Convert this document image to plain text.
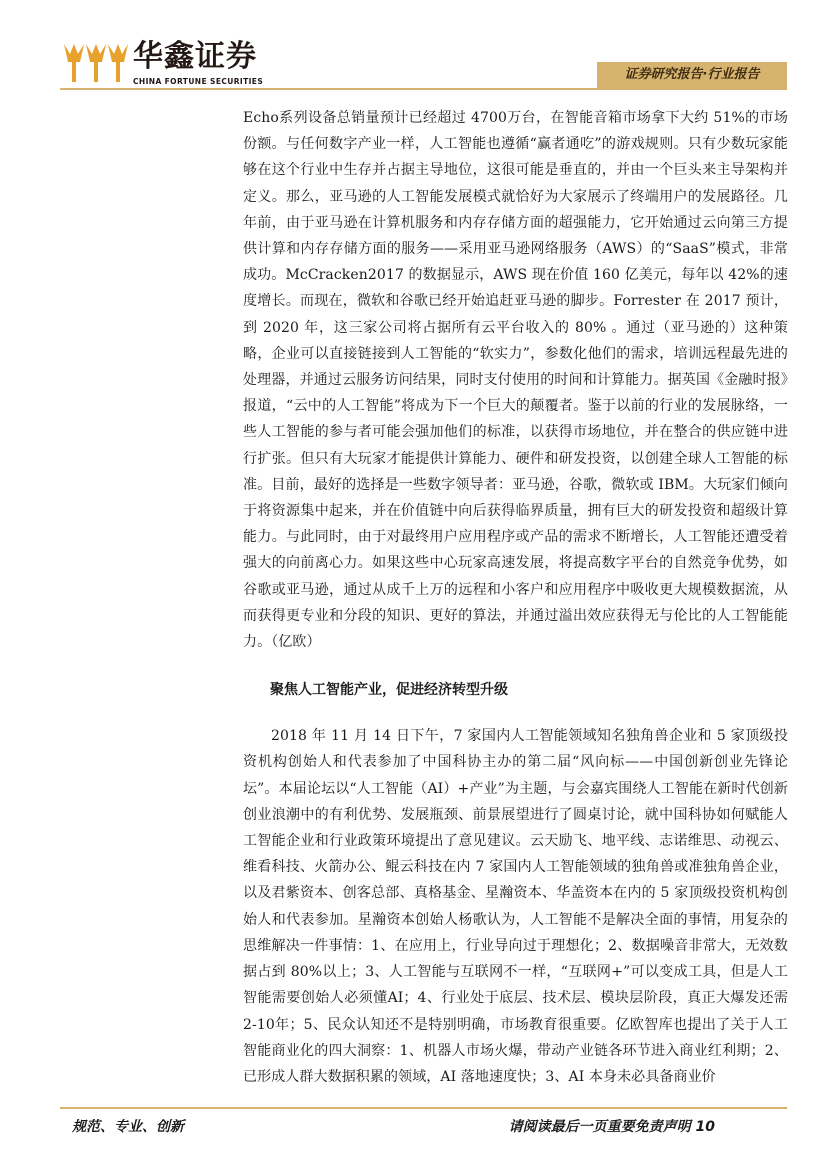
华鑫证券
CHINA FORTUNE SECURITIES	证券研究报告·行业报告

Echo系列设备总销量预计已经超过 4700万台，在智能音箱市场拿下大约 51%的市场份额。与任何数字产业一样，人工智能也遵循“赢者通吃”的游戏规则。只有少数玩家能够在这个行业中生存并占据主导地位，这很可能是垂直的，并由一个巨头来主导架构并定义。那么，亚马逊的人工智能发展模式就恰好为大家展示了终端用户的发展路径。几年前，由于亚马逊在计算机服务和内存存储方面的超强能力，它开始通过云向第三方提供计算和内存存储方面的服务——采用亚马逊网络服务（AWS）的“SaaS”模式，非常成功。McCracken2017 的数据显示，AWS 现在价值 160 亿美元，每年以 42%的速度增长。而现在，微软和谷歌已经开始追赶亚马逊的脚步。Forrester 在 2017 预计，到 2020 年，这三家公司将占据所有云平台收入的 80% 。通过（亚马逊的）这种策略，企业可以直接链接到人工智能的“软实力”，参数化他们的需求，培训远程最先进的处理器，并通过云服务访问结果，同时支付使用的时间和计算能力。据英国《金融时报》报道，“云中的人工智能”将成为下一个巨大的颠覆者。鉴于以前的行业的发展脉络，一些人工智能的参与者可能会强加他们的标准，以获得市场地位，并在整合的供应链中进行扩张。但只有大玩家才能提供计算能力、硬件和研发投资，以创建全球人工智能的标准。目前，最好的选择是一些数字领导者：亚马逊，谷歌，微软或 IBM。大玩家们倾向于将资源集中起来，并在价值链中向后获得临界质量，拥有巨大的研发投资和超级计算能力。与此同时，由于对最终用户应用程序或产品的需求不断增长，人工智能还遭受着强大的向前离心力。如果这些中心玩家高速发展，将提高数字平台的自然竞争优势，如谷歌或亚马逊，通过从成千上万的远程和小客户和应用程序中吸收更大规模数据流，从而获得更专业和分段的知识、更好的算法，并通过溢出效应获得无与伦比的人工智能能力。（亿欧）

聚焦人工智能产业，促进经济转型升级

2018 年 11 月 14 日下午，7 家国内人工智能领域知名独角兽企业和 5 家顶级投资机构创始人和代表参加了中国科协主办的第二届“风向标——中国创新创业先锋论坛”。本届论坛以“人工智能（AI）+产业”为主题，与会嘉宾围绕人工智能在新时代创新创业浪潮中的有利优势、发展瓶颈、前景展望进行了圆桌讨论，就中国科协如何赋能人工智能企业和行业政策环境提出了意见建议。云天励飞、地平线、志诺维思、动视云、维看科技、火箭办公、鲲云科技在内 7 家国内人工智能领域的独角兽或准独角兽企业，以及君紫资本、创客总部、真格基金、星瀚资本、华盖资本在内的 5 家顶级投资机构创始人和代表参加。星瀚资本创始人杨歌认为，人工智能不是解决全面的事情，用复杂的思维解决一件事情：1、在应用上，行业导向过于理想化；2、数据噪音非常大，无效数据占到 80%以上；3、人工智能与互联网不一样，“互联网+”可以变成工具，但是人工智能需要创始人必须懂AI；4、行业处于底层、技术层、模块层阶段，真正大爆发还需 2-10年；5、民众认知还不是特别明确，市场教育很重要。亿欧智库也提出了关于人工智能商业化的四大洞察：1、机器人市场火爆，带动产业链各环节进入商业红利期；2、已形成人群大数据积累的领域，AI 落地速度快；3、AI 本身未必具备商业价

规范、专业、创新	请阅读最后一页重要免责声明 10
